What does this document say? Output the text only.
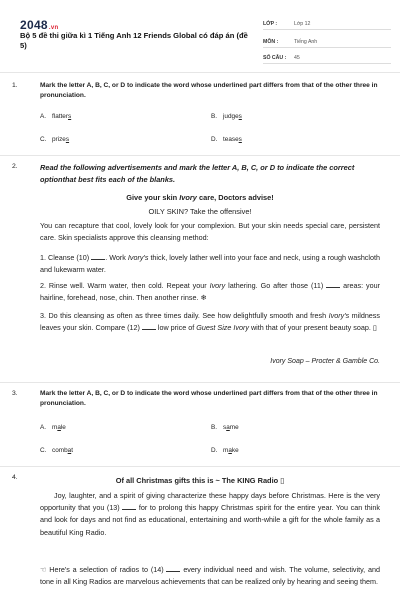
2048.vn
Bộ 5 đề thi giữa kì 1 Tiếng Anh 12 Friends Global có đáp án (đề 5)
LỚP :	Lớp 12
MÔN :	Tiếng Anh
SỐ CÂU : 45
1.	Mark the letter A, B, C, or D to indicate the word whose underlined part differs from that of the other three in pronunciation.
A. flatters	B. judges
C. prizes	D. teases
2.	Read the following advertisements and mark the letter A, B, C, or D to indicate the correct optionthat best fits each of the blanks.
Give your skin Ivory care, Doctors advise!
OILY SKIN? Take the offensive!
You can recapture that cool, lovely look for your complexion. But your skin needs special care, persistent care. Skin specialists approve this cleansing method:
1. Cleanse (10) . Work Ivory's thick, lovely lather well into your face and neck, using a rough washcloth and lukewarm water.
2. Rinse well. Warm water, then cold. Repeat your Ivory lathering. Go after those (11)  areas: your hairline, forehead, nose, chin. Then another rinse. ❄
3. Do this cleansing as often as three times daily. See how delightfully smooth and fresh Ivory's mildness leaves your skin. Compare (12)  low price of Guest Size Ivory with that of your present beauty soap. ▯
Ivory Soap – Procter & Gamble Co.
3.	Mark the letter A, B, C, or D to indicate the word whose underlined part differs from that of the other three in pronunciation.
A. male	B. same
C. combat	D. make
4.	Of all Christmas gifts this is ~ The KING Radio ▯
Joy, laughter, and a spirit of giving characterize these happy days before Christmas. Here is the very opportunity that you (13)  for to prolong this happy Christmas spirit for the entire year. You can think and look for days and not find as educational, entertaining and worth-while a gift for the whole family as a beautiful King Radio.
☜ Here's a selection of radios to (14)  every individual need and wish. The volume, selectivity, and tone in all King Radios are marvelous achievements that can be realized only by hearing and seeing them.
